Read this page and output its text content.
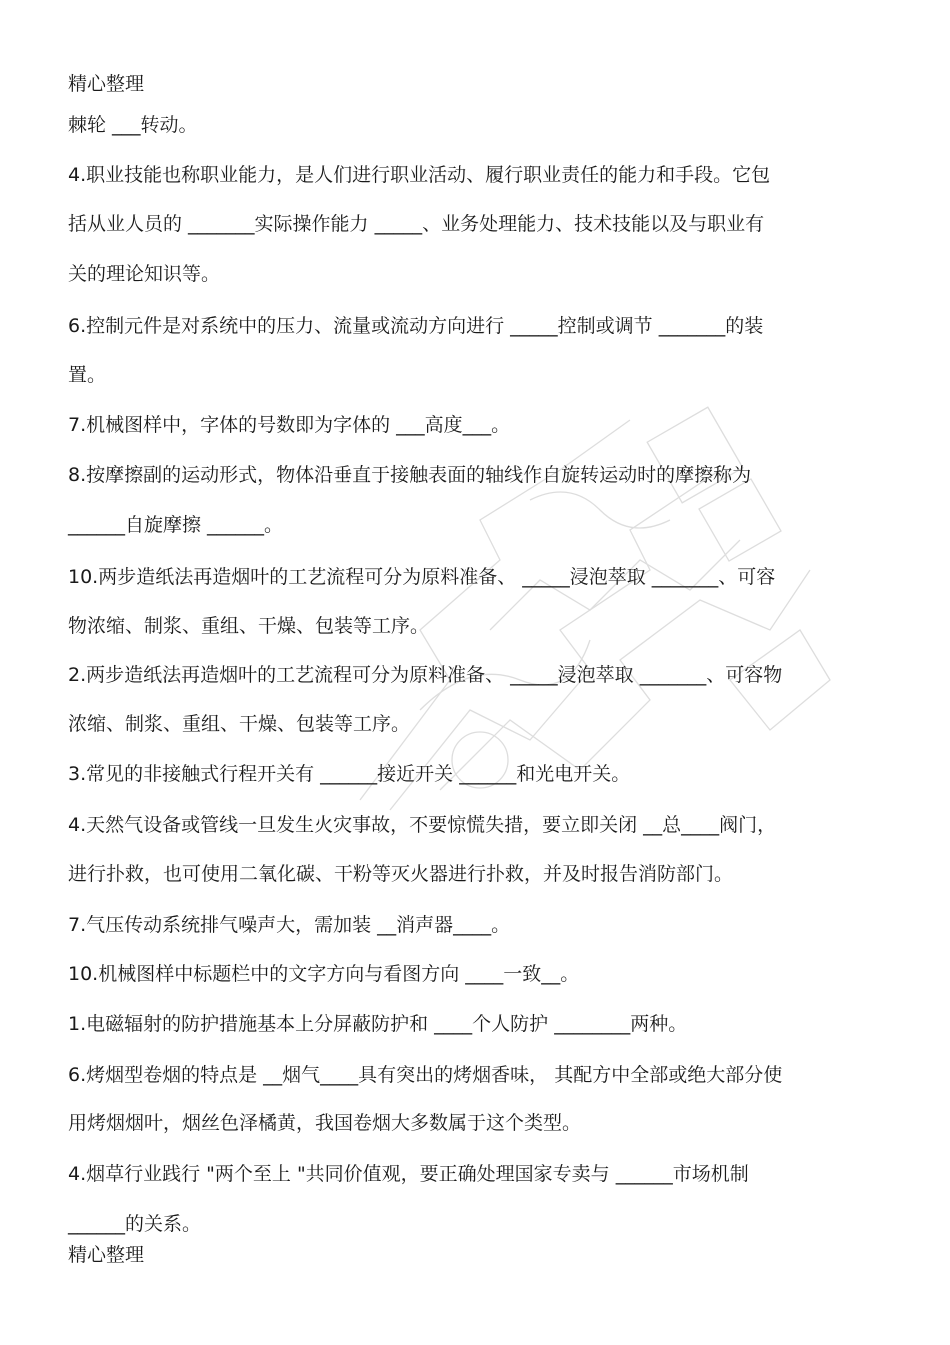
精心整理
棘轮 ___转动。
4.职业技能也称职业能力，是人们进行职业活动、履行职业责任的能力和手段。它包
括从业人员的 _______实际操作能力 _____、业务处理能力、技术技能以及与职业有
关的理论知识等。
6.控制元件是对系统中的压力、流量或流动方向进行 _____控制或调节 _______的装
置。
7.机械图样中，字体的号数即为字体的 ___高度___。
8.按摩擦副的运动形式，物体沿垂直于接触表面的轴线作自旋转运动时的摩擦称为
______自旋摩擦 ______。
10.两步造纸法再造烟叶的工艺流程可分为原料准备、 _____浸泡萃取 _______、可容
物浓缩、制浆、重组、干燥、包装等工序。
2.两步造纸法再造烟叶的工艺流程可分为原料准备、 _____浸泡萃取 _______、可容物
浓缩、制浆、重组、干燥、包装等工序。
3.常见的非接触式行程开关有 ______接近开关 ______和光电开关。
4.天然气设备或管线一旦发生火灾事故，不要惊慌失措，要立即关闭 __总____阀门，
进行扑救，也可使用二氧化碳、干粉等灭火器进行扑救，并及时报告消防部门。
7.气压传动系统排气噪声大，需加装 __消声器____。
10.机械图样中标题栏中的文字方向与看图方向 ____一致__。
1.电磁辐射的防护措施基本上分屏蔽防护和 ____个人防护 ________两种。
6.烤烟型卷烟的特点是 __烟气____具有突出的烤烟香味， 其配方中全部或绝大部分使
用烤烟烟叶，烟丝色泽橘黄，我国卷烟大多数属于这个类型。
4.烟草行业践行 "两个至上 "共同价值观，要正确处理国家专卖与 ______市场机制
______的关系。
精心整理
